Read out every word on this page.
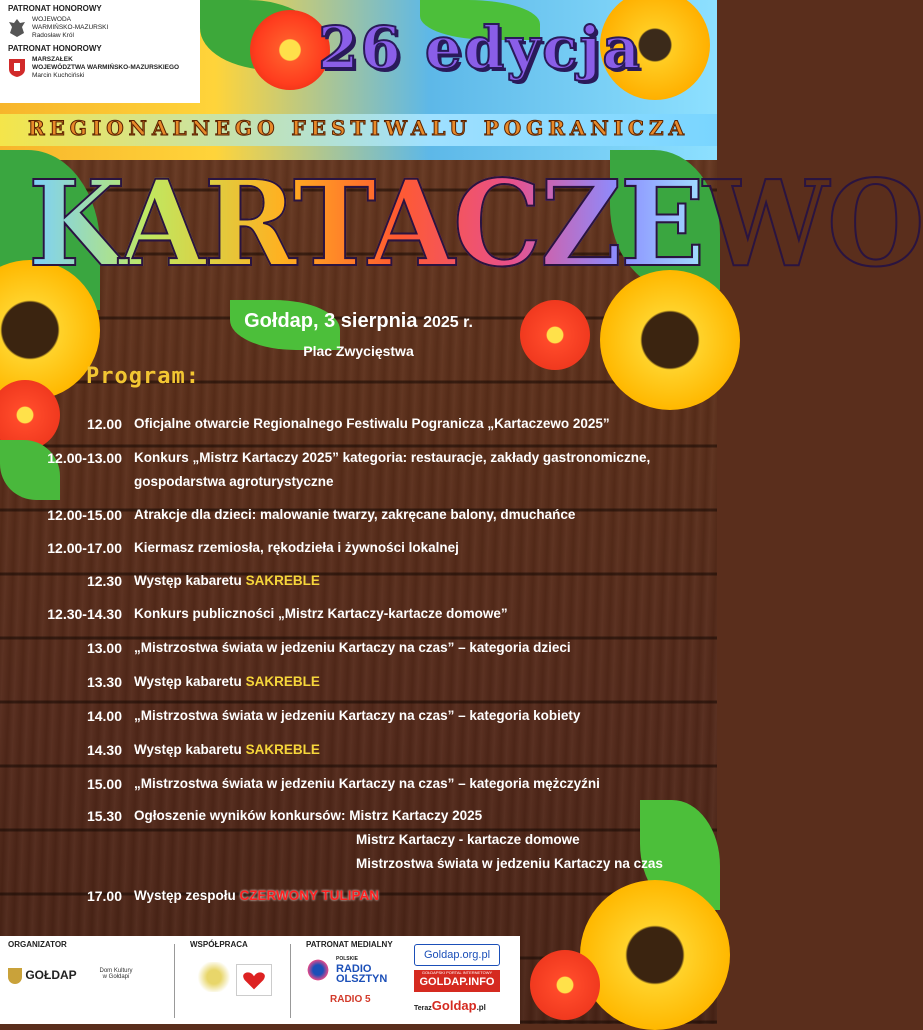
PATRONAT HONOROWY
WOJEWODA
WARMIŃSKO-MAZURSKI
Radosław Król
PATRONAT HONOROWY
MARSZAŁEK
WOJEWÓDZTWA WARMIŃSKO-MAZURSKIEGO
Marcin Kuchciński	26 edycja
REGIONALNEGO FESTIWALU POGRANICZA
KARTACZEWO
Gołdap, 3 sierpnia 2025 r.
Plac Zwycięstwa
Program:
12.00 Oficjalne otwarcie Regionalnego Festiwalu Pogranicza „Kartaczewo 2025”
12.00-13.00 Konkurs „Mistrz Kartaczy 2025” kategoria: restauracje, zakłady gastronomiczne,
gospodarstwa agroturystyczne
12.00-15.00 Atrakcje dla dzieci: malowanie twarzy, zakręcane balony, dmuchańce
12.00-17.00 Kiermasz rzemiosła, rękodzieła i żywności lokalnej
12.30 Występ kabaretu SAKREBLE
12.30-14.30 Konkurs publiczności „Mistrz Kartaczy-kartacze domowe”
13.00 „Mistrzostwa świata w jedzeniu Kartaczy na czas” – kategoria dzieci
13.30 Występ kabaretu SAKREBLE
14.00 „Mistrzostwa świata w jedzeniu Kartaczy na czas” – kategoria kobiety
14.30 Występ kabaretu SAKREBLE
15.00 „Mistrzostwa świata w jedzeniu Kartaczy na czas” – kategoria mężczyźni
15.30 Ogłoszenie wyników konkursów: Mistrz Kartaczy 2025
Mistrz Kartaczy - kartacze domowe
Mistrzostwa świata w jedzeniu Kartaczy na czas
17.00 Występ zespołu CZERWONY TULIPAN
ORGANIZATOR	WSPÓŁPRACA	PATRONAT MEDIALNY
GOŁDAP	Dom Kultury
w Gołdapi
POLSKIE
RADIO
OLSZTYN
RADIO 5
Goldap.org.pl
GOŁDAPSKI PORTAL INTERNETOWY
GOLDAP.INFO
TerazGoldap.pl
